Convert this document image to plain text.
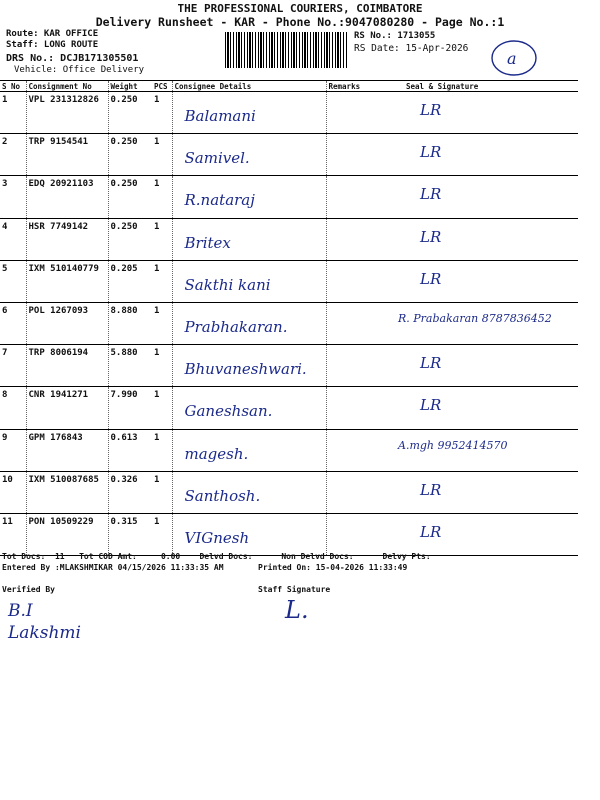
THE PROFESSIONAL COURIERS, COIMBATORE
Delivery Runsheet - KAR - Phone No.:9047080280 - Page No.:1
Route: KAR OFFICE
Staff: LONG ROUTE
DRS No.: DCJB171305501
Vehicle: Office Delivery
RS No.: 1713055
RS Date: 15-Apr-2026
a
S No	Consignment No	Weight	PCS	Consignee Details	Remarks	Seal & Signature
1	VPL 231312826	0.250	1	Balamani		LR

2	TRP 9154541	0.250	1	Samivel.		LR

3	EDQ 20921103	0.250	1	R.nataraj		LR

4	HSR 7749142	0.250	1	Britex		LR

5	IXM 510140779	0.205	1	Sakthi kani		LR

6	POL 1267093	8.880	1	Prabhakaran.		R. Prabakaran 8787836452

7	TRP 8006194	5.880	1	Bhuvaneshwari.		LR

8	CNR 1941271	7.990	1	Ganeshsan.		LR

9	GPM 176843	0.613	1	magesh.		A.mgh 9952414570

10	IXM 510087685	0.326	1	Santhosh.		LR

11	PON 10509229	0.315	1	VIGnesh		LR
Tot Docs:  11   Tot COD Amt:     0.00    Delvd Docs:      Non Delvd Docs:      Delvy Pts:
Entered By :MLAKSHMIKAR 04/15/2026 11:33:35 AM	Printed On: 15-04-2026 11:33:49
Verified By	Staff Signature
B.I Lakshmi
L.
